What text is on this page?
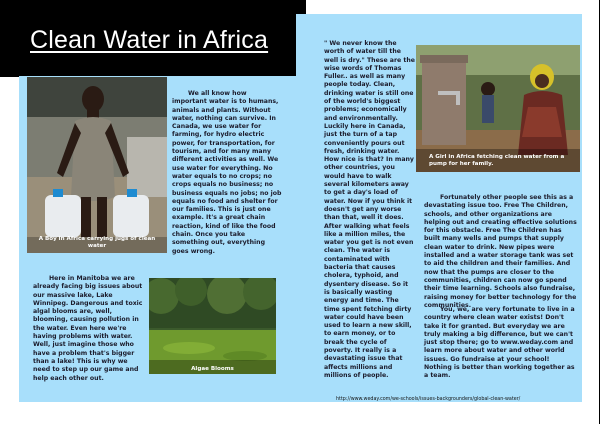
Clean Water in Africa
A Boy in Africa carrying jugs of clean water
We all know how important water is to humans, animals and plants. Without water, nothing can survive. In Canada, we use water for farming, for hydro electric power, for transportation, for tourism, and for many many different activities as well. We use water for everything. No water equals to no crops; no crops equals no business; no business equals no jobs; no job equals no food and shelter for our families. This is just one example. It's a great chain reaction, kind of like the food chain. Once you take something out, everything goes wrong.
Here in Manitoba we are already facing big issues about our massive lake, Lake Winnipeg. Dangerous and toxic algal blooms are, well, blooming, causing pollution in the water. Even here we're having problems with water. Well, just imagine those who have a problem that's bigger than a lake! This is why we need to step up our game and help each other out.
Algae Blooms
" We never know the worth of water till the well is dry." These are the wise words of Thomas Fuller.. as well as many people today. Clean, drinking water is still one of the world's biggest problems; economically and environmentally. Luckily here in Canada, just the turn of a tap conveniently pours out fresh, drinking water. How nice is that? In many other countries, you would have to walk several kilometers away to get a day's load of water. Now if you think it doesn't get any worse than that, well it does. After walking what feels like a million miles, the water you get is not even clean. The water is contaminated with bacteria that causes cholera, typhoid, and dysentery disease. So it is basically wasting energy and time. The time spent fetching dirty water could have been used to learn a new skill, to earn money, or to break the cycle of poverty. It really is a devastating issue that affects millions and millions of people.
A Girl in Africa fetching clean water from a pump for her family.
Fortunately other people see this as a devastating issue too. Free The Children, schools, and other organizations are helping out and creating effective solutions for this obstacle. Free The Children has built many wells and pumps that supply clean water to drink. New pipes were installed and a water storage tank was set to aid the children and their families. And now that the pumps are closer to the communities, children can now go spend their time learning. Schools also fundraise, raising money for better technology for the communities.
You, we, are very fortunate to live in a country where clean water exists! Don't take it for granted. But everyday we are truly making a big difference, but we can't just stop there; go to www.weday.com and learn more about water and other world issues. Go fundraise at your school! Nothing is better than working together as a team.
http://www.weday.com/we-schools/issues-backgrounders/global-clean-water/
